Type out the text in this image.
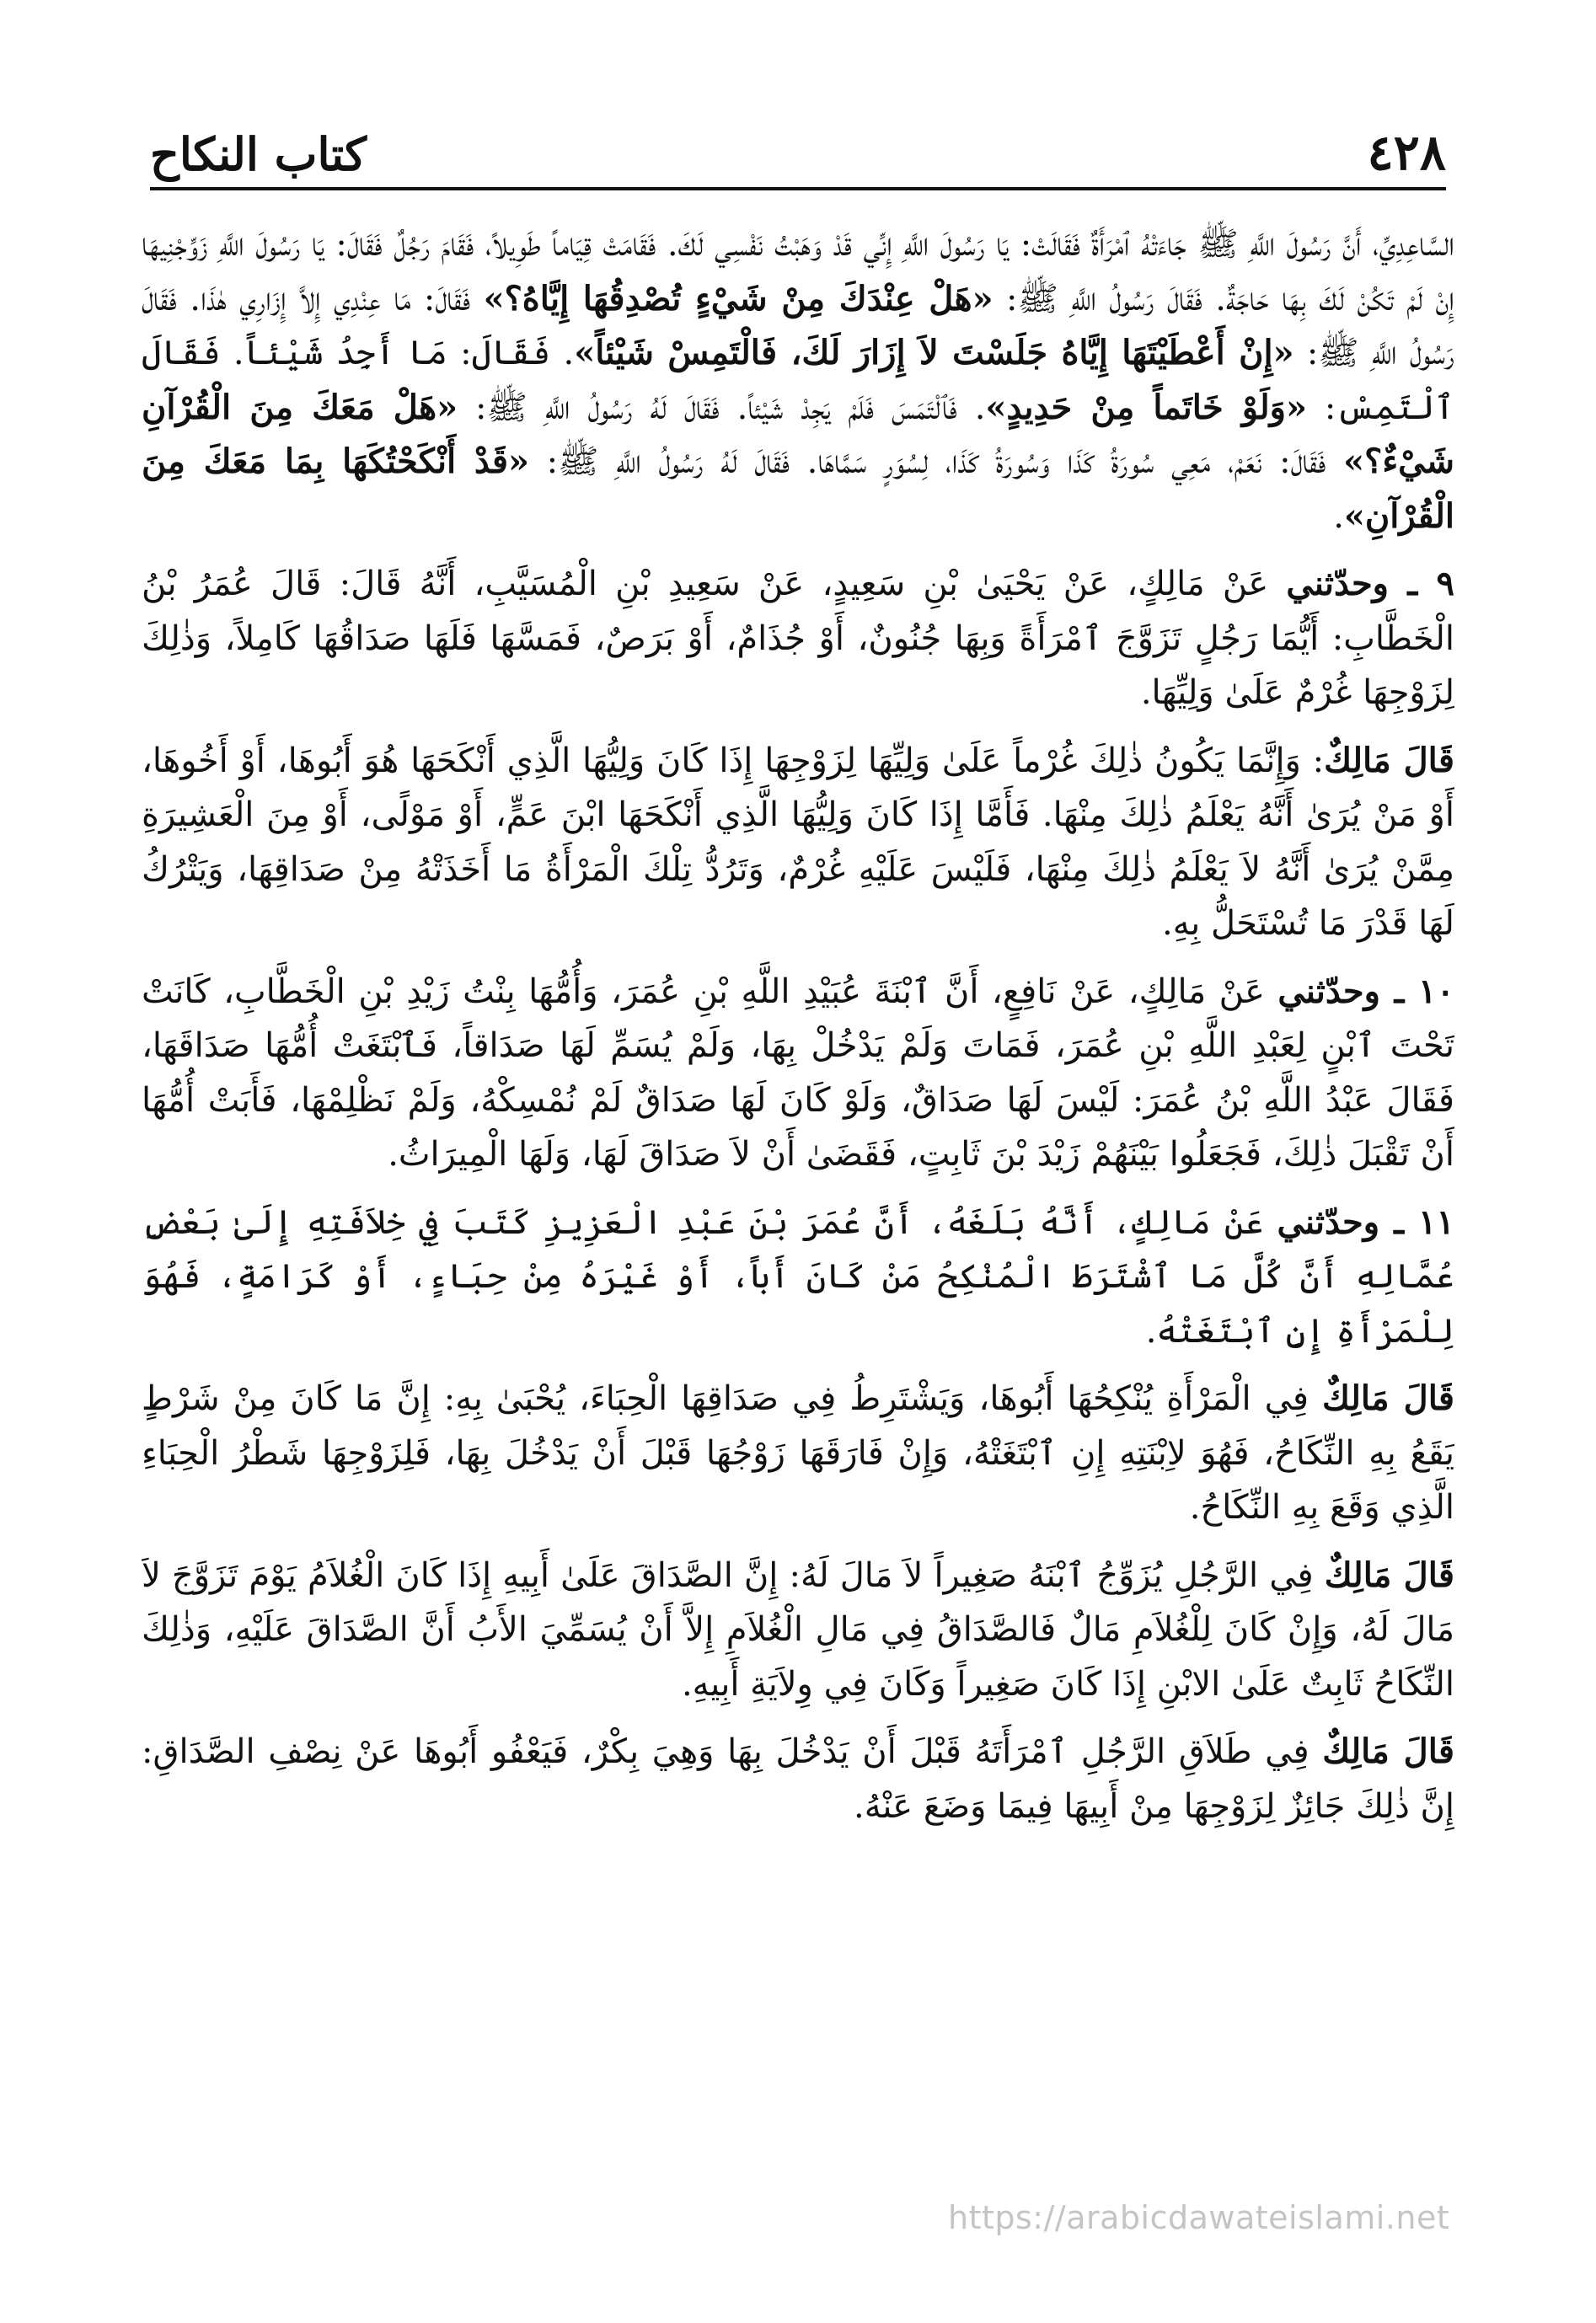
٤٢٨
كتاب النكاح

السَّاعِدِيِّ، أَنَّ رَسُولَ اللَّهِ ﷺ جَاءَتْهُ ٱمْرَأَةٌ فَقَالَتْ: يَا رَسُولَ اللَّهِ إِنِّي قَدْ وَهَبْتُ نَفْسِي لَكَ. فَقَامَتْ قِيَاماً طَوِيلاً، فَقَامَ رَجُلٌ فَقَالَ: يَا رَسُولَ اللَّهِ زَوِّجْنِيهَا إِنْ لَمْ تَكُنْ لَكَ بِهَا حَاجَةٌ. فَقَالَ رَسُولُ اللَّهِ ﷺ: «هَلْ عِنْدَكَ مِنْ شَيْءٍ تُصْدِقُهَا إِيَّاهُ؟» فَقَالَ: مَا عِنْدِي إِلاَّ إِزَارِي هٰذَا. فَقَالَ رَسُولُ اللَّهِ ﷺ: «إِنْ أَعْطَيْتَهَا إِيَّاهُ جَلَسْتَ لاَ إِزَارَ لَكَ، فَالْتَمِسْ شَيْئاً». فَقَالَ: مَا أَجِدُ شَيْئاً. فَقَالَ ٱلْتَمِسْ: «وَلَوْ خَاتَماً مِنْ حَدِيدٍ». فَٱلْتَمَسَ فَلَمْ يَجِدْ شَيْئاً. فَقَالَ لَهُ رَسُولُ اللَّهِ ﷺ: «هَلْ مَعَكَ مِنَ الْقُرْآنِ شَيْءٌ؟» فَقَالَ: نَعَمْ، مَعِي سُورَةُ كَذَا وَسُورَةُ كَذَا، لِسُوَرٍ سَمَّاهَا. فَقَالَ لَهُ رَسُولُ اللَّهِ ﷺ: «قَدْ أَنْكَحْتُكَهَا بِمَا مَعَكَ مِنَ الْقُرْآنِ».

٩ ـ وحدّثني عَنْ مَالِكٍ، عَنْ يَحْيَىٰ بْنِ سَعِيدٍ، عَنْ سَعِيدِ بْنِ الْمُسَيَّبِ، أَنَّهُ قَالَ: قَالَ عُمَرُ بْنُ الْخَطَّابِ: أَيُّمَا رَجُلٍ تَزَوَّجَ ٱمْرَأَةً وَبِهَا جُنُونٌ، أَوْ جُذَامٌ، أَوْ بَرَصٌ، فَمَسَّهَا فَلَهَا صَدَاقُهَا كَامِلاً، وَذٰلِكَ لِزَوْجِهَا غُرْمٌ عَلَىٰ وَلِيِّهَا.

قَالَ مَالِكٌ: وَإِنَّمَا يَكُونُ ذٰلِكَ غُرْماً عَلَىٰ وَلِيِّهَا لِزَوْجِهَا إِذَا كَانَ وَلِيُّهَا الَّذِي أَنْكَحَهَا هُوَ أَبُوهَا، أَوْ أَخُوهَا، أَوْ مَنْ يُرَىٰ أَنَّهُ يَعْلَمُ ذٰلِكَ مِنْهَا. فَأَمَّا إِذَا كَانَ وَلِيُّهَا الَّذِي أَنْكَحَهَا ابْنَ عَمٍّ، أَوْ مَوْلًى، أَوْ مِنَ الْعَشِيرَةِ مِمَّنْ يُرَىٰ أَنَّهُ لاَ يَعْلَمُ ذٰلِكَ مِنْهَا، فَلَيْسَ عَلَيْهِ غُرْمٌ، وَتَرُدُّ تِلْكَ الْمَرْأَةُ مَا أَخَذَتْهُ مِنْ صَدَاقِهَا، وَيَتْرُكُ لَهَا قَدْرَ مَا تُسْتَحَلُّ بِهِ.

١٠ ـ وحدّثني عَنْ مَالِكٍ، عَنْ نَافِعٍ، أَنَّ ٱبْنَةَ عُبَيْدِ اللَّهِ بْنِ عُمَرَ، وَأُمُّهَا بِنْتُ زَيْدِ بْنِ الْخَطَّابِ، كَانَتْ تَحْتَ ٱبْنٍ لِعَبْدِ اللَّهِ بْنِ عُمَرَ، فَمَاتَ وَلَمْ يَدْخُلْ بِهَا، وَلَمْ يُسَمِّ لَهَا صَدَاقاً، فَٱبْتَغَتْ أُمُّهَا صَدَاقَهَا، فَقَالَ عَبْدُ اللَّهِ بْنُ عُمَرَ: لَيْسَ لَهَا صَدَاقٌ، وَلَوْ كَانَ لَهَا صَدَاقٌ لَمْ نُمْسِكْهُ، وَلَمْ نَظْلِمْهَا، فَأَبَتْ أُمُّهَا أَنْ تَقْبَلَ ذٰلِكَ، فَجَعَلُوا بَيْنَهُمْ زَيْدَ بْنَ ثَابِتٍ، فَقَضَىٰ أَنْ لاَ صَدَاقَ لَهَا، وَلَهَا الْمِيرَاثُ.

١١ ـ وحدّثني عَنْ مَالِكٍ، أَنَّهُ بَلَغَهُ، أَنَّ عُمَرَ بْنَ عَبْدِ الْعَزِيزِ كَتَبَ فِي خِلاَفَتِهِ إِلَىٰ بَعْضِ عُمَّالِهِ أَنَّ كُلَّ مَا ٱشْتَرَطَ الْمُنْكِحُ مَنْ كَانَ أَباً، أَوْ غَيْرَهُ مِنْ حِبَاءٍ، أَوْ كَرَامَةٍ، فَهُوَ لِلْمَرْأَةِ إِنِ ٱبْتَغَتْهُ.

قَالَ مَالِكٌ فِي الْمَرْأَةِ يُنْكِحُهَا أَبُوهَا، وَيَشْتَرِطُ فِي صَدَاقِهَا الْحِبَاءَ، يُحْبَىٰ بِهِ: إِنَّ مَا كَانَ مِنْ شَرْطٍ يَقَعُ بِهِ النِّكَاحُ، فَهُوَ لاِبْنَتِهِ إِنِ ٱبْتَغَتْهُ، وَإِنْ فَارَقَهَا زَوْجُهَا قَبْلَ أَنْ يَدْخُلَ بِهَا، فَلِزَوْجِهَا شَطْرُ الْحِبَاءِ الَّذِي وَقَعَ بِهِ النِّكَاحُ.

قَالَ مَالِكٌ فِي الرَّجُلِ يُزَوِّجُ ٱبْنَهُ صَغِيراً لاَ مَالَ لَهُ: إِنَّ الصَّدَاقَ عَلَىٰ أَبِيهِ إِذَا كَانَ الْغُلاَمُ يَوْمَ تَزَوَّجَ لاَ مَالَ لَهُ، وَإِنْ كَانَ لِلْغُلاَمِ مَالٌ فَالصَّدَاقُ فِي مَالِ الْغُلاَمِ إِلاَّ أَنْ يُسَمِّيَ الأَبُ أَنَّ الصَّدَاقَ عَلَيْهِ، وَذٰلِكَ النِّكَاحُ ثَابِتٌ عَلَىٰ الابْنِ إِذَا كَانَ صَغِيراً وَكَانَ فِي وِلاَيَةِ أَبِيهِ.

قَالَ مَالِكٌ فِي طَلاَقِ الرَّجُلِ ٱمْرَأَتَهُ قَبْلَ أَنْ يَدْخُلَ بِهَا وَهِيَ بِكْرٌ، فَيَعْفُو أَبُوهَا عَنْ نِصْفِ الصَّدَاقِ: إِنَّ ذٰلِكَ جَائِزٌ لِزَوْجِهَا مِنْ أَبِيهَا فِيمَا وَضَعَ عَنْهُ.

https://arabicdawateislami.net
